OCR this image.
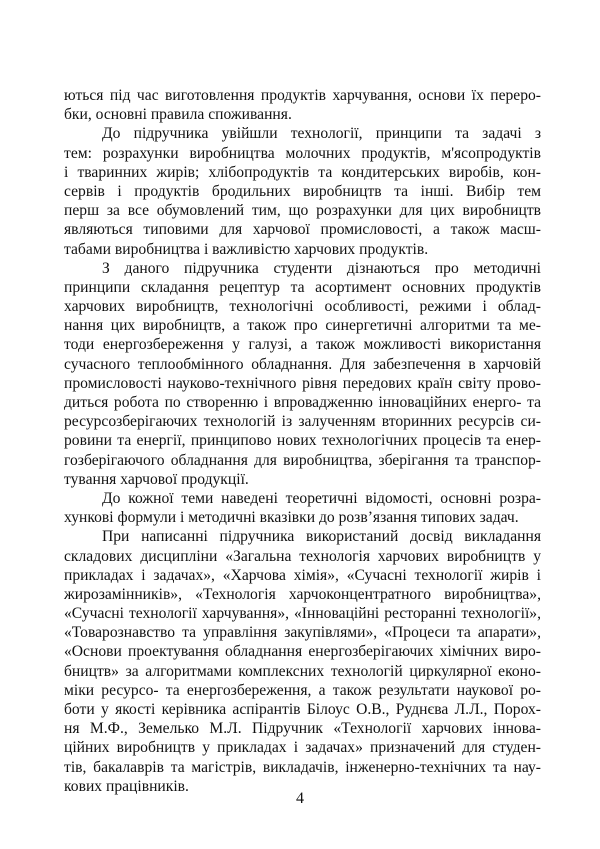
ються під час виготовлення продуктів харчування, основи їх переро-
бки, основні правила споживання.
До підручника увійшли технології, принципи та задачі з
тем: розрахунки виробництва молочних продуктів, м'ясопродуктів
і тваринних жирів; хлібопродуктів та кондитерських виробів, кон-
сервів і продуктів бродильних виробництв та інші. Вибір тем
перш за все обумовлений тим, що розрахунки для цих виробництв
являються типовими для харчової промисловості, а також масш-
табами виробництва і важливістю харчових продуктів.
З даного підручника студенти дізнаються про методичні
принципи складання рецептур та асортимент основних продуктів
харчових виробництв, технологічні особливості, режими і облад-
нання цих виробництв, а також про синергетичні алгоритми та ме-
тоди енергозбереження у галузі, а також можливості використання
сучасного теплообмінного обладнання. Для забезпечення в харчовій
промисловості науково-технічного рівня передових країн світу прово-
диться робота по створенню і впровадженню інноваційних енерго- та
ресурсозберігаючих технологій із залученням вторинних ресурсів си-
ровини та енергії, принципово нових технологічних процесів та енер-
гозберігаючого обладнання для виробництва, зберігання та транспор-
тування харчової продукції.
До кожної теми наведені теоретичні відомості, основні розра-
хункові формули і методичні вказівки до розв’язання типових задач.
При написанні підручника використаний досвід викладання
складових дисципліни «Загальна технологія харчових виробництв у
прикладах і задачах», «Харчова хімія», «Сучасні технології жирів і
жирозамінників», «Технологія харчоконцентратного виробництва»,
«Сучасні технології харчування», «Інноваційні ресторанні технології»,
«Товарознавство та управління закупівлями», «Процеси та апарати»,
«Основи проектування обладнання енергозберігаючих хімічних виро-
бництв» за алгоритмами комплексних технологій циркулярної еконо-
міки ресурсо- та енергозбереження, а також результати наукової ро-
боти у якості керівника аспірантів Білоус О.В., Руднєва Л.Л., Порох-
ня М.Ф., Земелько М.Л. Підручник «Технології харчових іннова-
ційних виробництв у прикладах і задачах» призначений для студен-
тів, бакалаврів та магістрів, викладачів, інженерно-технічних та нау-
кових працівників.
4
